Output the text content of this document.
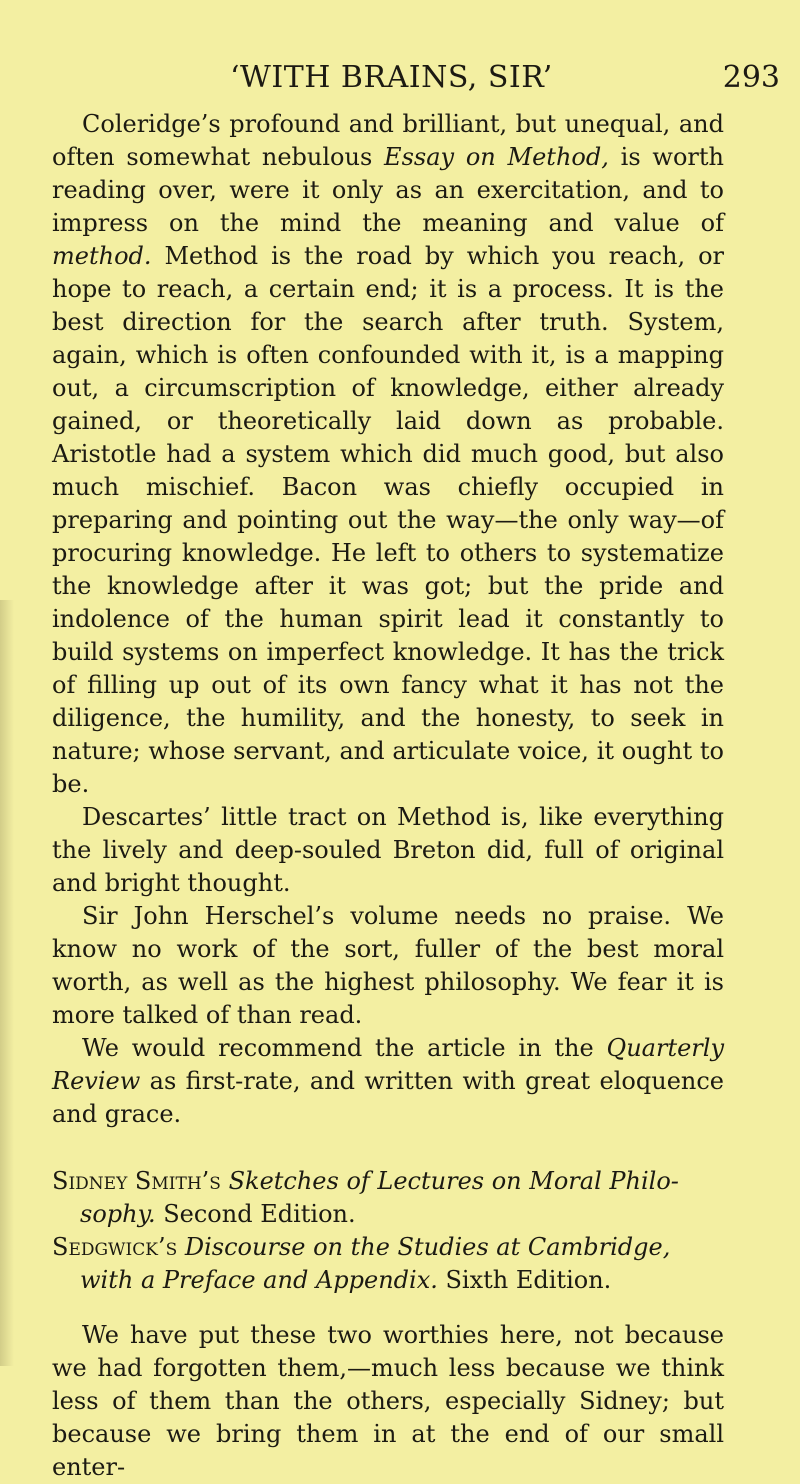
‘WITH BRAINS, SIR’	293

Coleridge’s profound and brilliant, but unequal, and often somewhat nebulous Essay on Method, is worth reading over, were it only as an exercitation, and to impress on the mind the meaning and value of method. Method is the road by which you reach, or hope to reach, a certain end; it is a process. It is the best direction for the search after truth. System, again, which is often confounded with it, is a mapping out, a circumscription of knowledge, either already gained, or theoretically laid down as probable. Aristotle had a system which did much good, but also much mischief. Bacon was chiefly occupied in preparing and pointing out the way—the only way—of procuring knowledge. He left to others to systematize the knowledge after it was got; but the pride and indolence of the human spirit lead it constantly to build systems on imperfect knowledge. It has the trick of filling up out of its own fancy what it has not the diligence, the humility, and the honesty, to seek in nature; whose servant, and articulate voice, it ought to be.

Descartes’ little tract on Method is, like everything the lively and deep-souled Breton did, full of original and bright thought.

Sir John Herschel’s volume needs no praise. We know no work of the sort, fuller of the best moral worth, as well as the highest philosophy. We fear it is more talked of than read.

We would recommend the article in the Quarterly Review as first-rate, and written with great eloquence and grace.

Sidney Smith’s Sketches of Lectures on Moral Philo-sophy. Second Edition.

Sedgwick’s Discourse on the Studies at Cambridge, with a Preface and Appendix. Sixth Edition.

We have put these two worthies here, not because we had forgotten them,—much less because we think less of them than the others, especially Sidney; but because we bring them in at the end of our small enter-
